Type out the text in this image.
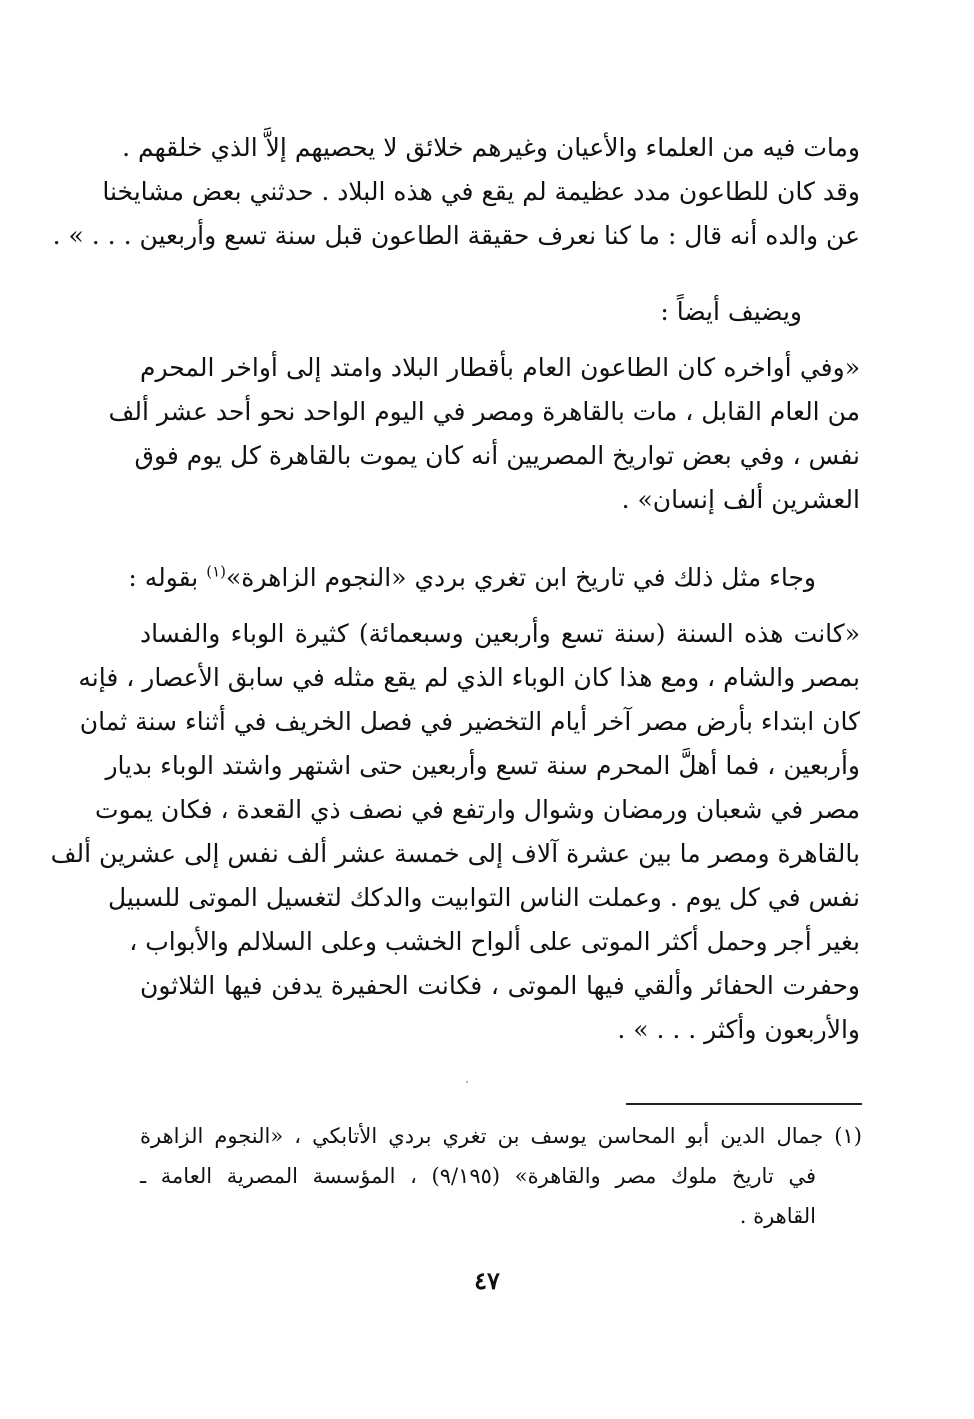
ومات فيه من العلماء والأعيان وغيرهم خلائق لا يحصيهم إلاَّ الذي خلقهم .
وقد كان للطاعون مدد عظيمة لم يقع في هذه البلاد . حدثني بعض مشايخنا
عن والده أنه قال : ما كنا نعرف حقيقة الطاعون قبل سنة تسع وأربعين . . . » .
ويضيف أيضاً :
«وفي أواخره كان الطاعون العام بأقطار البلاد وامتد إلى أواخر المحرم
من العام القابل ، مات بالقاهرة ومصر في اليوم الواحد نحو أحد عشر ألف
نفس ، وفي بعض تواريخ المصريين أنه كان يموت بالقاهرة كل يوم فوق
العشرين ألف إنسان» .
وجاء مثل ذلك في تاريخ ابن تغري بردي «النجوم الزاهرة»$^{(١)}$ بقوله :
«كانت هذه السنة (سنة تسع وأربعين وسبعمائة) كثيرة الوباء والفساد
بمصر والشام ، ومع هذا كان الوباء الذي لم يقع مثله في سابق الأعصار ، فإنه
كان ابتداء بأرض مصر آخر أيام التخضير في فصل الخريف في أثناء سنة ثمان
وأربعين ، فما أهلَّ المحرم سنة تسع وأربعين حتى اشتهر واشتد الوباء بديار
مصر في شعبان ورمضان وشوال وارتفع في نصف ذي القعدة ، فكان يموت
بالقاهرة ومصر ما بين عشرة آلاف إلى خمسة عشر ألف نفس إلى عشرين ألف
نفس في كل يوم . وعملت الناس التوابيت والدكك لتغسيل الموتى للسبيل
بغير أجر وحمل أكثر الموتى على ألواح الخشب وعلى السلالم والأبواب ،
وحفرت الحفائر وألقي فيها الموتى ، فكانت الحفيرة يدفن فيها الثلاثون
والأربعون وأكثر . . . » .
(١) جمال الدين أبو المحاسن يوسف بن تغري بردي الأتابكي ، «النجوم الزاهرة
في تاريخ ملوك مصر والقاهرة» (٩/١٩٥) ، المؤسسة المصرية العامة ـ
القاهرة .
٤٧
